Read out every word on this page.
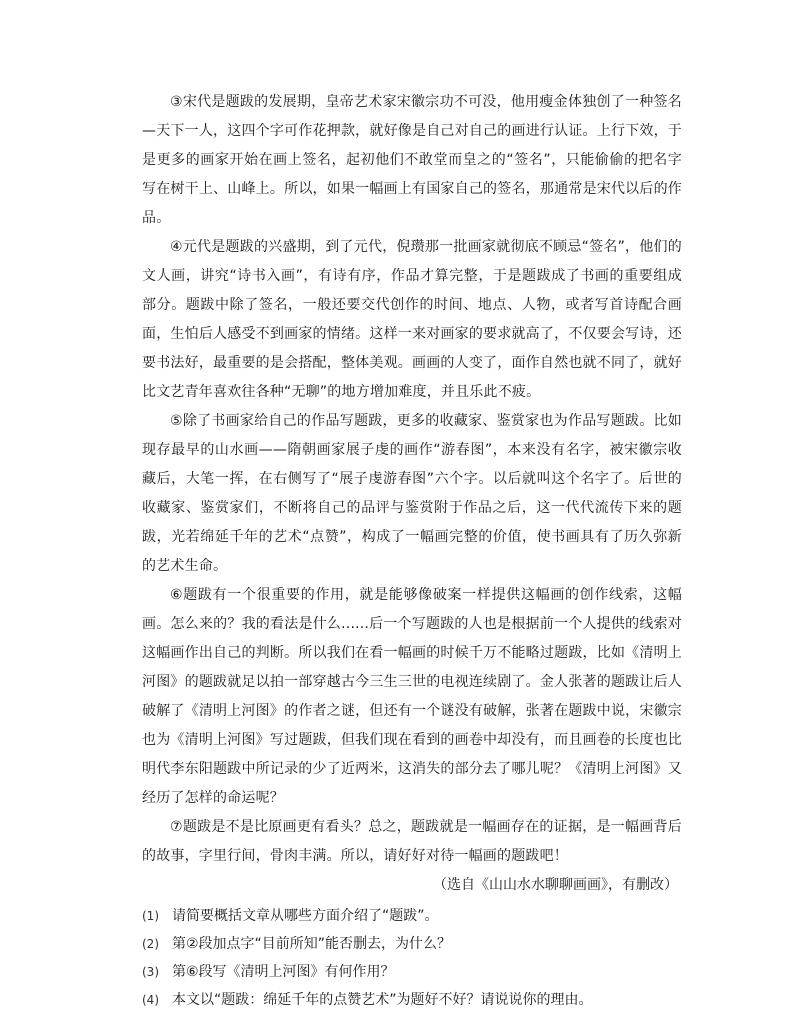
③宋代是题跋的发展期，皇帝艺术家宋徽宗功不可没，他用瘦金体独创了一种签名—天下一人，这四个字可作花押款，就好像是自己对自己的画进行认证。上行下效，于是更多的画家开始在画上签名，起初他们不敢堂而皇之的“签名”，只能偷偷的把名字写在树干上、山峰上。所以，如果一幅画上有国家自己的签名，那通常是宋代以后的作品。

④元代是题跋的兴盛期，到了元代，倪瓒那一批画家就彻底不顾忌“签名”，他们的文人画，讲究“诗书入画”，有诗有序，作品才算完整，于是题跋成了书画的重要组成部分。题跋中除了签名，一般还要交代创作的时间、地点、人物，或者写首诗配合画面，生怕后人感受不到画家的情绪。这样一来对画家的要求就高了，不仅要会写诗，还要书法好，最重要的是会搭配，整体美观。画画的人变了，面作自然也就不同了，就好比文艺青年喜欢往各种“无聊”的地方增加难度，并且乐此不疲。

⑤除了书画家给自己的作品写题跋，更多的收藏家、鉴赏家也为作品写题跋。比如现存最早的山水画——隋朝画家展子虔的画作“游春图”，本来没有名字，被宋徽宗收藏后，大笔一挥，在右侧写了“展子虔游春图”六个字。以后就叫这个名字了。后世的收藏家、鉴赏家们，不断将自己的品评与鉴赏附于作品之后，这一代代流传下来的题跋，光若绵延千年的艺术“点赞”，构成了一幅画完整的价值，使书画具有了历久弥新的艺术生命。

⑥题跋有一个很重要的作用，就是能够像破案一样提供这幅画的创作线索，这幅画。怎么来的？我的看法是什么......后一个写题跋的人也是根据前一个人提供的线索对这幅画作出自己的判断。所以我们在看一幅画的时候千万不能略过题跋，比如《清明上河图》的题跋就足以拍一部穿越古今三生三世的电视连续剧了。金人张著的题跋让后人破解了《清明上河图》的作者之谜，但还有一个谜没有破解，张著在题跋中说，宋徽宗也为《清明上河图》写过题跋，但我们现在看到的画卷中却没有，而且画卷的长度也比明代李东阳题跋中所记录的少了近两米，这消失的部分去了哪儿呢？《清明上河图》又经历了怎样的命运呢？

⑦题跋是不是比原画更有看头？总之，题跋就是一幅画存在的证据，是一幅画背后的故事，字里行间，骨肉丰满。所以，请好好对待一幅画的题跋吧！

（选自《山山水水聊聊画画》，有删改）

(1) 请简要概括文章从哪些方面介绍了“题跋”。
(2) 第②段加点字“目前所知”能否删去，为什么？
(3) 第⑥段写《清明上河图》有何作用？
(4) 本文以“题跋：绵延千年的点赞艺术”为题好不好？请说说你的理由。
